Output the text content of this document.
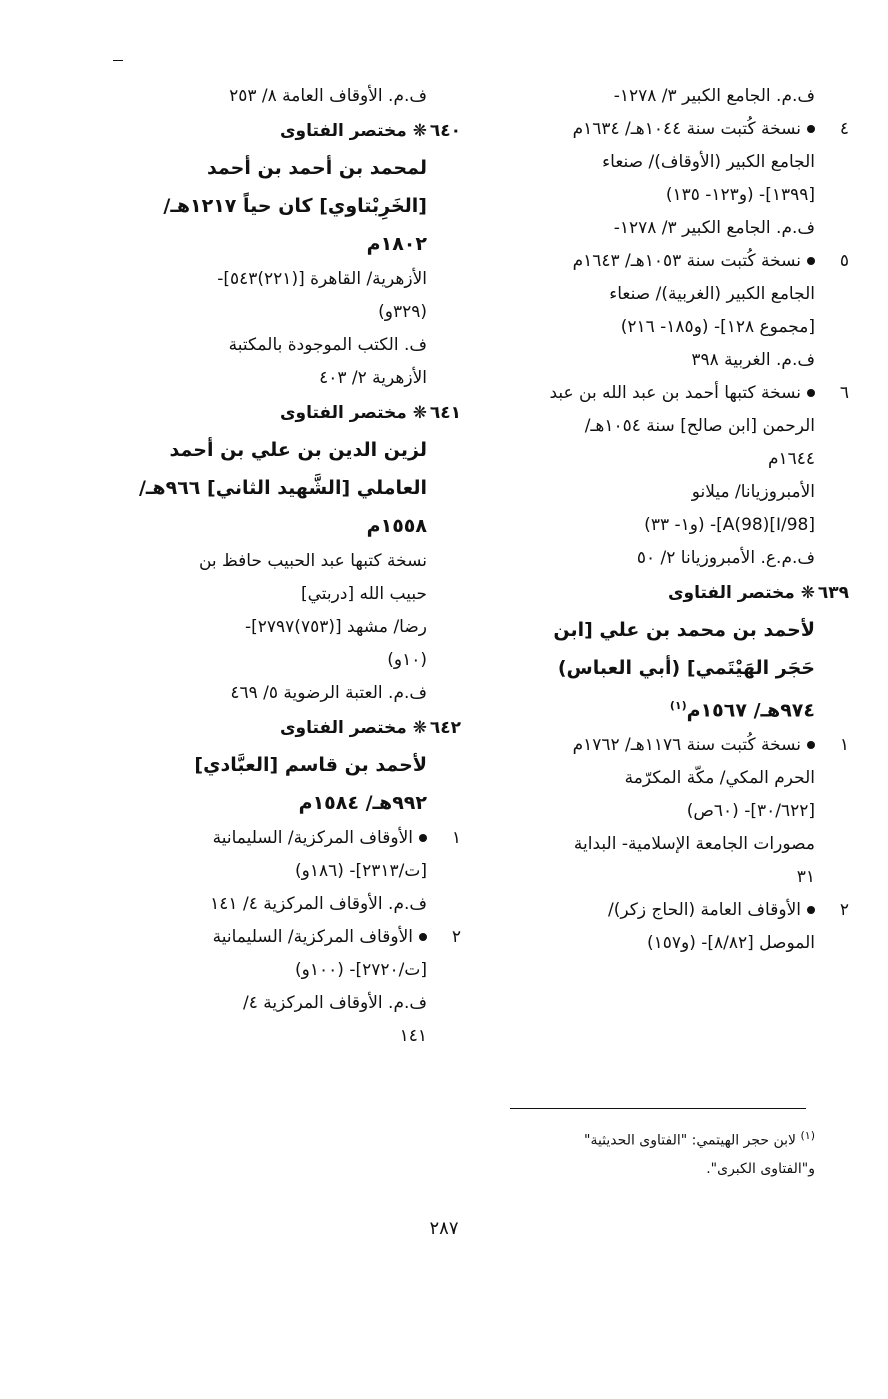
ف.م. الجامع الكبير ٣/ ١٢٧٨-
٤
نسخة كُتبت سنة ١٠٤٤هـ/ ١٦٣٤م
الجامع الكبير (الأوقاف)/ صنعاء
[١٣٩٩]- (و١٢٣- ١٣٥)
ف.م. الجامع الكبير ٣/ ١٢٧٨-
٥
نسخة كُتبت سنة ١٠٥٣هـ/ ١٦٤٣م
الجامع الكبير (الغربية)/ صنعاء
[مجموع ١٢٨]- (و١٨٥- ٢١٦)
ف.م. الغربية ٣٩٨
٦
نسخة كتبها أحمد بن عبد الله بن عبد
الرحمن [ابن صالح] سنة ١٠٥٤هـ/
١٦٤٤م
الأمبروزيانا/ ميلانو
[98/I](98)A]- (و١- ٣٣)
ف.م.ع. الأمبروزيانا ٢/ ٥٠
٦٣٩
❋ مختصر الفتاوى
لأحمد بن محمد بن علي [ابن
حَجَر الهَيْتَمي] (أبي العباس)
٩٧٤هـ/ ١٥٦٧م$^{(١)}$
١
نسخة كُتبت سنة ١١٧٦هـ/ ١٧٦٢م
الحرم المكي/ مكّة المكرّمة
[٣٠/٦٢٢]- (٦٠ص)
مصورات الجامعة الإسلامية- البداية
٣١
٢
الأوقاف العامة (الحاج زكر)/
الموصل [٨/٨٢]- (و١٥٧)
ف.م. الأوقاف العامة ٨/ ٢٥٣
٦٤٠
❋ مختصر الفتاوى
لمحمد بن أحمد بن أحمد
[الخَرِبْتاوي] كان حياً ١٢١٧هـ/
١٨٠٢م
الأزهرية/ القاهرة [(٢٢١)٥٤٣]-
(٣٢٩و)
ف. الكتب الموجودة بالمكتبة
الأزهرية ٢/ ٤٠٣
٦٤١
❋ مختصر الفتاوى
لزين الدين بن علي بن أحمد
العاملي [الشَّهيد الثاني] ٩٦٦هـ/
١٥٥٨م
نسخة كتبها عبد الحبيب حافظ بن
حبيب الله [دربتي]
رضا/ مشهد [(٧٥٣)٢٧٩٧]-
(١٠و)
ف.م. العتبة الرضوية ٥/ ٤٦٩
٦٤٢
❋ مختصر الفتاوى
لأحمد بن قاسم [العبَّادي]
٩٩٢هـ/ ١٥٨٤م
١
الأوقاف المركزية/ السليمانية
[ت/٢٣١٣]- (١٨٦و)
ف.م. الأوقاف المركزية ٤/ ١٤١
٢
الأوقاف المركزية/ السليمانية
[ت/٢٧٢٠]- (١٠٠و)
ف.م. الأوقاف المركزية ٤/
١٤١
$^{(١)}$ لابن حجر الهيتمي: "الفتاوى الحديثية"
و"الفتاوى الكبرى".
٢٨٧
